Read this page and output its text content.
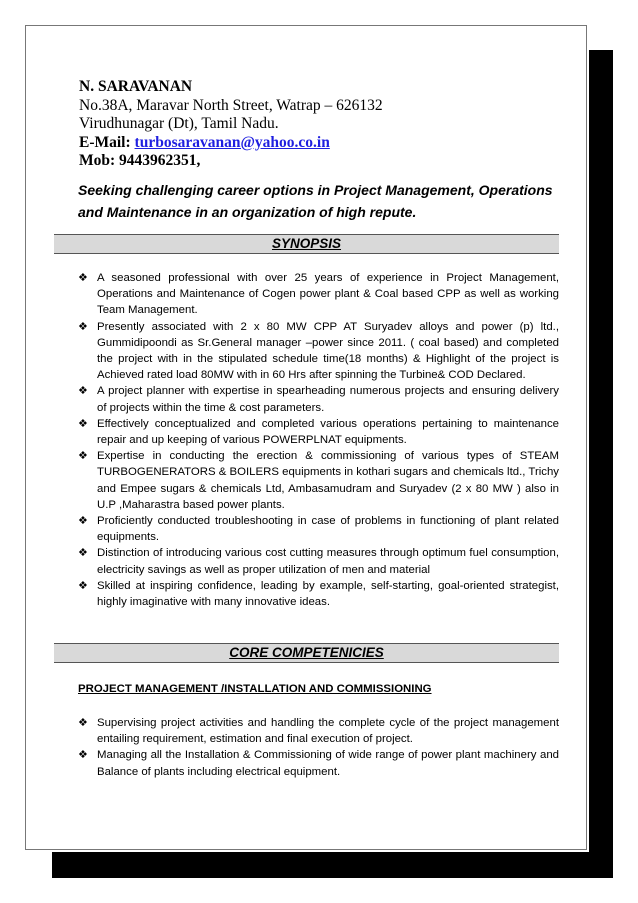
N. SARAVANAN
No.38A, Maravar North Street, Watrap – 626132
Virudhunagar (Dt), Tamil Nadu.
E-Mail: turbosaravanan@yahoo.co.in
Mob: 9443962351,
Seeking challenging career options in Project Management, Operations and Maintenance in an organization of high repute.
SYNOPSIS
❖ A seasoned professional with over 25 years of experience in Project Management, Operations and Maintenance of Cogen power plant & Coal based CPP as well as working Team Management.
❖ Presently associated with 2 x 80 MW CPP AT Suryadev alloys and power (p) ltd., Gummidipoondi as Sr.General manager –power since 2011. ( coal based) and completed the project with in the stipulated schedule time(18 months) & Highlight of the project is Achieved rated load 80MW with in 60 Hrs after spinning the Turbine& COD Declared.
❖ A project planner with expertise in spearheading numerous projects and ensuring delivery of projects within the time & cost parameters.
❖ Effectively conceptualized and completed various operations pertaining to maintenance repair and up keeping of various POWERPLNAT equipments.
❖ Expertise in conducting the erection & commissioning of various types of STEAM TURBOGENERATORS & BOILERS equipments in kothari sugars and chemicals ltd., Trichy and Empee sugars & chemicals Ltd, Ambasamudram and Suryadev (2 x 80 MW ) also in U.P ,Maharastra based power plants.
❖ Proficiently conducted troubleshooting in case of problems in functioning of plant related equipments.
❖ Distinction of introducing various cost cutting measures through optimum fuel consumption, electricity savings as well as proper utilization of men and material
❖ Skilled at inspiring confidence, leading by example, self-starting, goal-oriented strategist, highly imaginative with many innovative ideas.
CORE COMPETENICIES
PROJECT MANAGEMENT /INSTALLATION AND COMMISSIONING
❖ Supervising project activities and handling the complete cycle of the project management entailing requirement, estimation and final execution of project.
❖ Managing all the Installation & Commissioning of wide range of power plant machinery and Balance of plants including electrical equipment.
